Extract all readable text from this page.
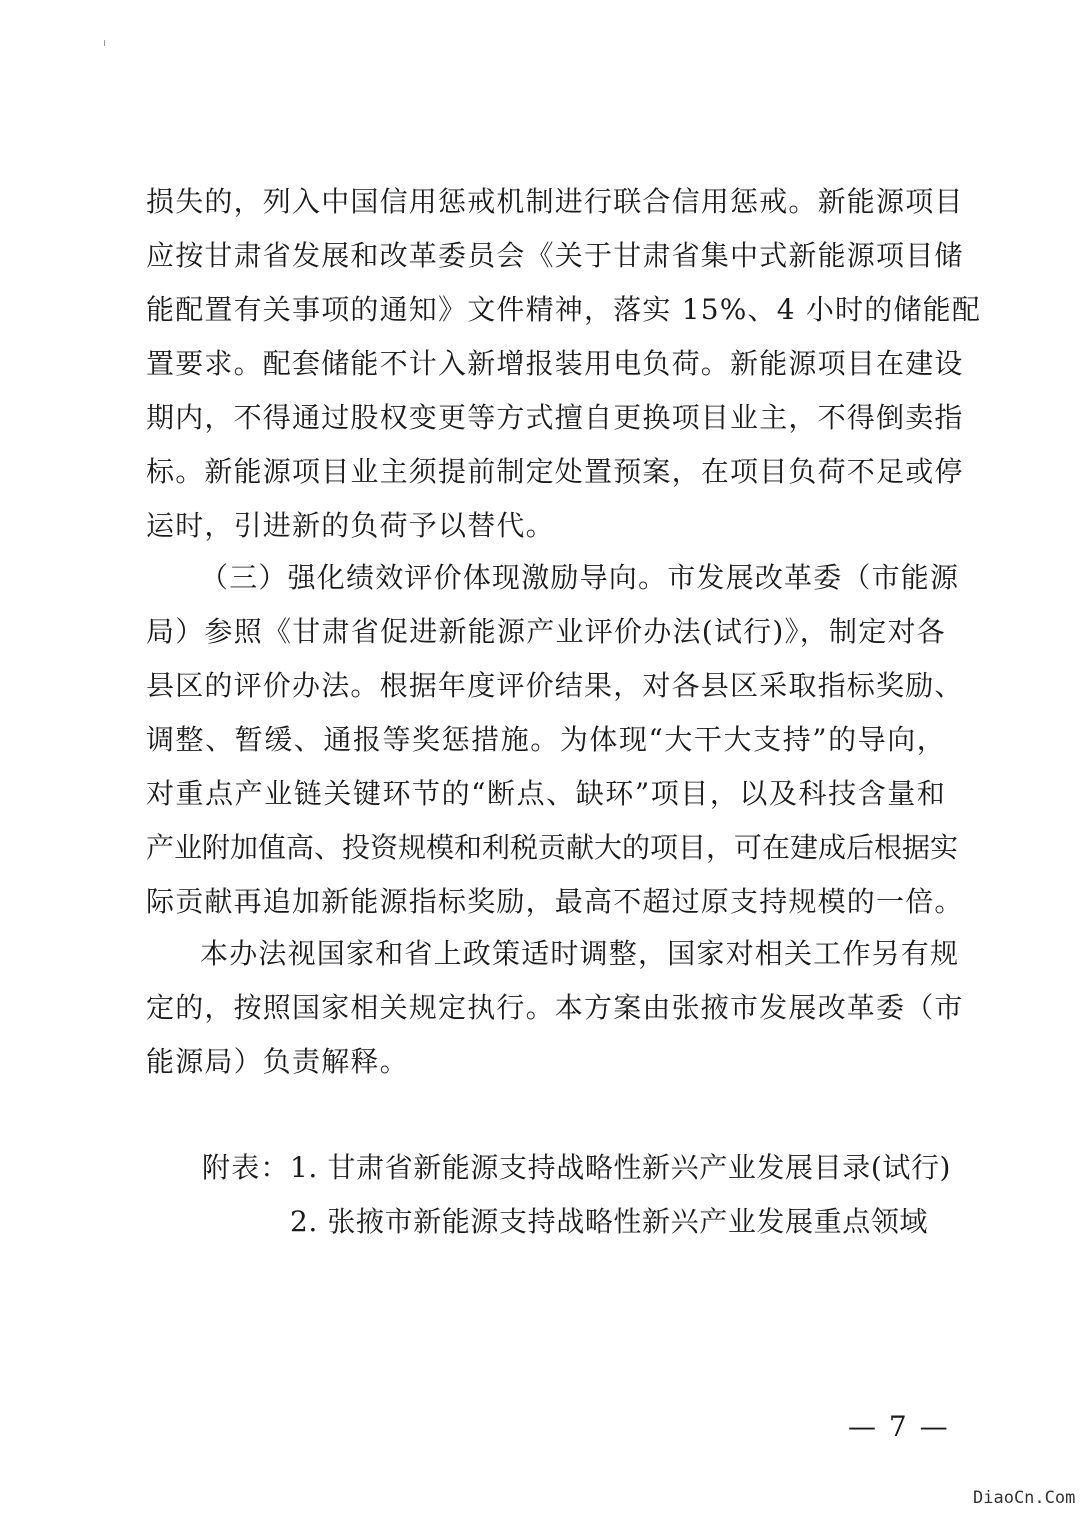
损失的，列入中国信用惩戒机制进行联合信用惩戒。新能源项目
应按甘肃省发展和改革委员会《关于甘肃省集中式新能源项目储
能配置有关事项的通知》文件精神，落实 15%、4 小时的储能配
置要求。配套储能不计入新增报装用电负荷。新能源项目在建设
期内，不得通过股权变更等方式擅自更换项目业主，不得倒卖指
标。新能源项目业主须提前制定处置预案，在项目负荷不足或停
运时，引进新的负荷予以替代。
（三）强化绩效评价体现激励导向。市发展改革委（市能源
局）参照《甘肃省促进新能源产业评价办法(试行)》，制定对各
县区的评价办法。根据年度评价结果，对各县区采取指标奖励、
调整、暂缓、通报等奖惩措施。为体现“大干大支持”的导向，
对重点产业链关键环节的“断点、缺环”项目，以及科技含量和
产业附加值高、投资规模和利税贡献大的项目，可在建成后根据实
际贡献再追加新能源指标奖励，最高不超过原支持规模的一倍。
本办法视国家和省上政策适时调整，国家对相关工作另有规
定的，按照国家相关规定执行。本方案由张掖市发展改革委（市
能源局）负责解释。
附表： 1. 甘肃省新能源支持战略性新兴产业发展目录(试行)
2. 张掖市新能源支持战略性新兴产业发展重点领域
— 7 —
DiaoCn.Com
